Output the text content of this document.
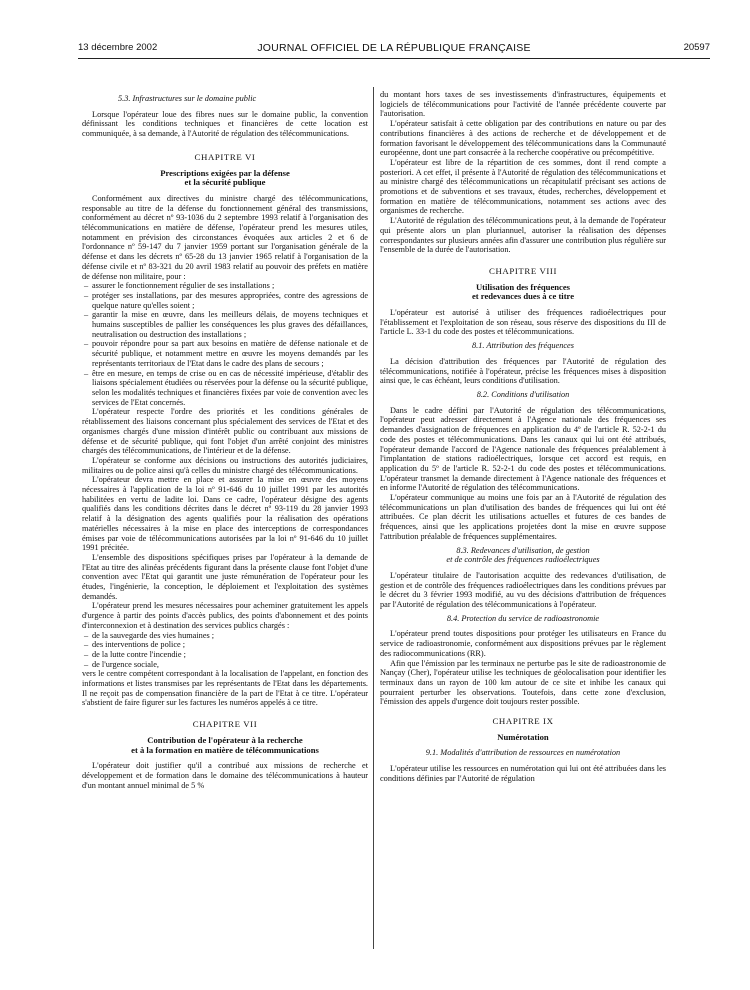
13 décembre 2002	JOURNAL OFFICIEL DE LA RÉPUBLIQUE FRANÇAISE	20597
5.3. Infrastructures sur le domaine public

Lorsque l'opérateur loue des fibres nues sur le domaine public, la convention définissant les conditions techniques et financières de cette location est communiquée, à sa demande, à l'Autorité de régulation des télécommunications.

CHAPITRE VI
Prescriptions exigées par la défense
et la sécurité publique

Conformément aux directives du ministre chargé des télécommunications, responsable au titre de la défense du fonctionnement général des transmissions, conformément au décret nº 93-1036 du 2 septembre 1993 relatif à l'organisation des télécommunications en matière de défense, l'opérateur prend les mesures utiles, notamment en prévision des circonstances évoquées aux articles 2 et 6 de l'ordonnance nº 59-147 du 7 janvier 1959 portant sur l'organisation générale de la défense et dans les décrets nº 65-28 du 13 janvier 1965 relatif à l'organisation de la défense civile et nº 83-321 du 20 avril 1983 relatif au pouvoir des préfets en matière de défense non militaire, pour :

– assurer le fonctionnement régulier de ses installations ;
– protéger ses installations, par des mesures appropriées, contre des agressions de quelque nature qu'elles soient ;
– garantir la mise en œuvre, dans les meilleurs délais, de moyens techniques et humains susceptibles de pallier les conséquences les plus graves des défaillances, neutralisation ou destruction des installations ;
– pouvoir répondre pour sa part aux besoins en matière de défense nationale et de sécurité publique, et notamment mettre en œuvre les moyens demandés par les représentants territoriaux de l'Etat dans le cadre des plans de secours ;
– être en mesure, en temps de crise ou en cas de nécessité impérieuse, d'établir des liaisons spécialement étudiées ou réservées pour la défense ou la sécurité publique, selon les modalités techniques et financières fixées par voie de convention avec les services de l'Etat concernés.

L'opérateur respecte l'ordre des priorités et les conditions générales de rétablissement des liaisons concernant plus spécialement des services de l'Etat et des organismes chargés d'une mission d'intérêt public ou contribuant aux missions de défense et de sécurité publique, qui font l'objet d'un arrêté conjoint des ministres chargés des télécommunications, de l'intérieur et de la défense.

L'opérateur se conforme aux décisions ou instructions des autorités judiciaires, militaires ou de police ainsi qu'à celles du ministre chargé des télécommunications.

L'opérateur devra mettre en place et assurer la mise en œuvre des moyens nécessaires à l'application de la loi nº 91-646 du 10 juillet 1991 par les autorités habilitées en vertu de ladite loi. Dans ce cadre, l'opérateur désigne des agents qualifiés dans les conditions décrites dans le décret nº 93-119 du 28 janvier 1993 relatif à la désignation des agents qualifiés pour la réalisation des opérations matérielles nécessaires à la mise en place des interceptions de correspondances émises par voie de télécommunications autorisées par la loi nº 91-646 du 10 juillet 1991 précitée.

L'ensemble des dispositions spécifiques prises par l'opérateur à la demande de l'Etat au titre des alinéas précédents figurant dans la présente clause font l'objet d'une convention avec l'Etat qui garantit une juste rémunération de l'opérateur pour les études, l'ingénierie, la conception, le déploiement et l'exploitation des systèmes demandés.

L'opérateur prend les mesures nécessaires pour acheminer gratuitement les appels d'urgence à partir des points d'accès publics, des points d'abonnement et des points d'interconnexion et à destination des services publics chargés :

– de la sauvegarde des vies humaines ;
– des interventions de police ;
– de la lutte contre l'incendie ;
– de l'urgence sociale,

vers le centre compétent correspondant à la localisation de l'appelant, en fonction des informations et listes transmises par les représentants de l'Etat dans les départements. Il ne reçoit pas de compensation financière de la part de l'Etat à ce titre. L'opérateur s'abstient de faire figurer sur les factures les numéros appelés à ce titre.

CHAPITRE VII
Contribution de l'opérateur à la recherche
et à la formation en matière de télécommunications

L'opérateur doit justifier qu'il a contribué aux missions de recherche et développement et de formation dans le domaine des télécommunications à hauteur d'un montant annuel minimal de 5 %

du montant hors taxes de ses investissements d'infrastructures, équipements et logiciels de télécommunications pour l'activité de l'année précédente couverte par l'autorisation.

L'opérateur satisfait à cette obligation par des contributions en nature ou par des contributions financières à des actions de recherche et de développement et de formation favorisant le développement des télécommunications dans la Communauté européenne, dont une part consacrée à la recherche coopérative ou précompétitive.

L'opérateur est libre de la répartition de ces sommes, dont il rend compte a posteriori. A cet effet, il présente à l'Autorité de régulation des télécommunications et au ministre chargé des télécommunications un récapitulatif précisant ses actions de promotions et de subventions et ses travaux, études, recherches, développement et formation en matière de télécommunications, notamment ses actions avec des organismes de recherche.

L'Autorité de régulation des télécommunications peut, à la demande de l'opérateur qui présente alors un plan pluriannuel, autoriser la réalisation des dépenses correspondantes sur plusieurs années afin d'assurer une contribution plus régulière sur l'ensemble de la durée de l'autorisation.

CHAPITRE VIII
Utilisation des fréquences
et redevances dues à ce titre

L'opérateur est autorisé à utiliser des fréquences radioélectriques pour l'établissement et l'exploitation de son réseau, sous réserve des dispositions du III de l'article L. 33-1 du code des postes et télécommunications.

8.1. Attribution des fréquences

La décision d'attribution des fréquences par l'Autorité de régulation des télécommunications, notifiée à l'opérateur, précise les fréquences mises à disposition ainsi que, le cas échéant, leurs conditions d'utilisation.

8.2. Conditions d'utilisation

Dans le cadre défini par l'Autorité de régulation des télécommunications, l'opérateur peut adresser directement à l'Agence nationale des fréquences ses demandes d'assignation de fréquences en application du 4º de l'article R. 52-2-1 du code des postes et télécommunications. Dans les canaux qui lui ont été attribués, l'opérateur demande l'accord de l'Agence nationale des fréquences préalablement à l'implantation de stations radioélectriques, lorsque cet accord est requis, en application du 5º de l'article R. 52-2-1 du code des postes et télécommunications. L'opérateur transmet la demande directement à l'Agence nationale des fréquences et en informe l'Autorité de régulation des télécommunications.

L'opérateur communique au moins une fois par an à l'Autorité de régulation des télécommunications un plan d'utilisation des bandes de fréquences qui lui ont été attribuées. Ce plan décrit les utilisations actuelles et futures de ces bandes de fréquences, ainsi que les applications projetées dont la mise en œuvre suppose l'attribution préalable de fréquences supplémentaires.

8.3. Redevances d'utilisation, de gestion
et de contrôle des fréquences radioélectriques

L'opérateur titulaire de l'autorisation acquitte des redevances d'utilisation, de gestion et de contrôle des fréquences radioélectriques dans les conditions prévues par le décret du 3 février 1993 modifié, au vu des décisions d'attribution de fréquences par l'Autorité de régulation des télécommunications à l'opérateur.

8.4. Protection du service de radioastronomie

L'opérateur prend toutes dispositions pour protéger les utilisateurs en France du service de radioastronomie, conformément aux dispositions prévues par le règlement des radiocommunications (RR).

Afin que l'émission par les terminaux ne perturbe pas le site de radioastronomie de Nançay (Cher), l'opérateur utilise les techniques de géolocalisation pour identifier les terminaux dans un rayon de 100 km autour de ce site et inhibe les canaux qui pourraient perturber les observations. Toutefois, dans cette zone d'exclusion, l'émission des appels d'urgence doit toujours rester possible.

CHAPITRE IX
Numérotation
9.1. Modalités d'attribution de ressources en numérotation

L'opérateur utilise les ressources en numérotation qui lui ont été attribuées dans les conditions définies par l'Autorité de régulation
